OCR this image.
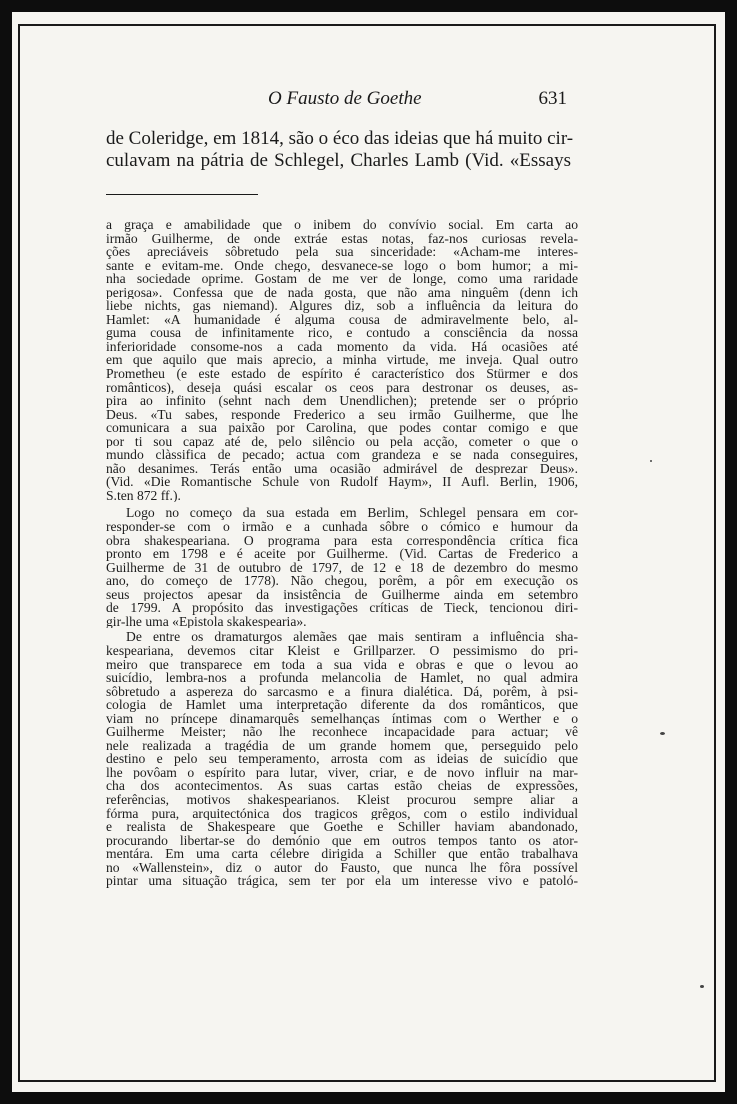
O Fausto de Goethe	631
de Coleridge, em 1814, são o éco das ideias que há muito cir-
culavam na pátria de Schlegel, Charles Lamb (Vid. «Essays
a graça e amabilidade que o inibem do convívio social. Em carta ao
irmão Guilherme, de onde extráe estas notas, faz-nos curiosas revela-
ções apreciáveis sôbretudo pela sua sinceridade: «Acham-me interes-
sante e evitam-me. Onde chego, desvanece-se logo o bom humor; a mi-
nha sociedade oprime. Gostam de me ver de longe, como uma raridade
perigosa». Confessa que de nada gosta, que não ama ninguêm (denn ich
liebe nichts, gas niemand). Algures diz, sob a influência da leitura do
Hamlet: «A humanidade é alguma cousa de admiravelmente belo, al-
guma cousa de infinitamente rico, e contudo a consciência da nossa
inferioridade consome-nos a cada momento da vida. Há ocasiões até
em que aquilo que mais aprecio, a minha virtude, me inveja. Qual outro
Prometheu (e este estado de espírito é característico dos Stürmer e dos
românticos), deseja quási escalar os ceos para destronar os deuses, as-
pira ao infinito (sehnt nach dem Unendlichen); pretende ser o próprio
Deus. «Tu sabes, responde Frederico a seu irmão Guilherme, que lhe
comunicara a sua paixão por Carolina, que podes contar comigo e que
por ti sou capaz até de, pelo silêncio ou pela acção, cometer o que o
mundo clàssifica de pecado; actua com grandeza e se nada conseguires,
não desanimes. Terás então uma ocasião admirável de desprezar Deus».
(Vid. «Die Romantische Schule von Rudolf Haym», II Aufl. Berlin, 1906,
S.ten 872 ff.).
Logo no começo da sua estada em Berlim, Schlegel pensara em cor-
responder-se com o irmão e a cunhada sôbre o cómico e humour da
obra shakespeariana. O programa para esta correspondência crítica fica
pronto em 1798 e é aceite por Guilherme. (Vid. Cartas de Frederico a
Guilherme de 31 de outubro de 1797, de 12 e 18 de dezembro do mesmo
ano, do começo de 1778). Não chegou, porêm, a pôr em execução os
seus projectos apesar da insistência de Guilherme ainda em setembro
de 1799. A propósito das investigações críticas de Tieck, tencionou diri-
gir-lhe uma «Epistola skakespearia».
De entre os dramaturgos alemães qae mais sentiram a influência sha-
kespeariana, devemos citar Kleist e Grillparzer. O pessimismo do pri-
meiro que transparece em toda a sua vida e obras e que o levou ao
suicídio, lembra-nos a profunda melancolia de Hamlet, no qual admira
sôbretudo a aspereza do sarcasmo e a finura dialética. Dá, porêm, à psi-
cologia de Hamlet uma interpretação diferente da dos românticos, que
viam no príncepe dinamarquês semelhanças íntimas com o Werther e o
Guilherme Meister; não lhe reconhece incapacidade para actuar; vê
nele realizada a tragédia de um grande homem que, perseguido pelo
destino e pelo seu temperamento, arrosta com as ideias de suicídio que
lhe povôam o espírito para lutar, viver, criar, e de novo influir na mar-
cha dos acontecimentos. As suas cartas estão cheias de expressões,
referências, motivos shakespearianos. Kleist procurou sempre aliar a
fórma pura, arquitectónica dos tragicos grêgos, com o estilo individual
e realista de Shakespeare que Goethe e Schiller haviam abandonado,
procurando libertar-se do demónio que em outros tempos tanto os ator-
mentára. Em uma carta célebre dirigida a Schiller que então trabalhava
no «Wallenstein», diz o autor do Fausto, que nunca lhe fôra possível
pintar uma situação trágica, sem ter por ela um interesse vivo e patoló-
